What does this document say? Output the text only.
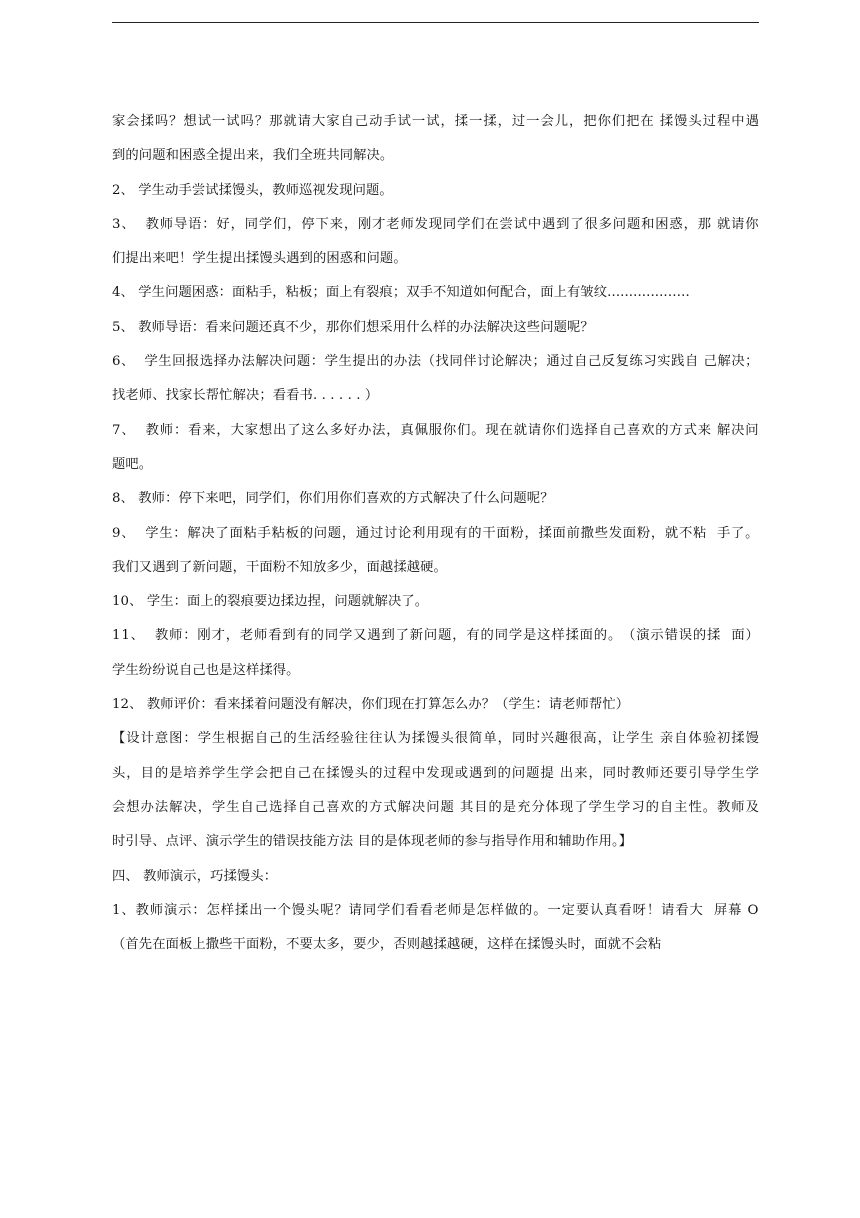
家 会 揉 吗 ？ 想 试 一 试 吗 ？ 那 就 请 大 家 自 己 动 手 试 一 试 ， 揉 一 揉 ， 过 一 会 儿 ， 把 你 们 把 在
揉 馒 头 过 程 中 遇
到的问题和困惑全提出来，我们全班共同解决。
2、 学生动手尝试揉馒头，教师巡视发现问题。
3 、

教 师 导 语 ： 好 ， 同 学 们 ， 停 下 来 ， 刚 才 老 师 发 现 同 学 们 在 尝 试 中 遇 到 了 很 多 问 题 和 困 惑 ， 那
就 请 你
们提出来吧！学生提出揉馒头遇到的困惑和问题。
4、 学生问题困惑：面粘手，粘板；面上有裂痕；双手不知道如何配合，面上有皱纹..............…..
5、 教师导语：看来问题还真不少，那你们想采用什么样的办法解决这些问题呢？
6 、

学 生 回 报 选 择 办 法 解 决 问 题 ： 学 生 提 出 的 办 法 （ 找 同 伴 讨 论 解 决 ； 通 过 自 己 反 复 练 习 实 践 自
己 解 决 ；
找老师、找家长帮忙解决；看看书. . . . . . ）
7 、

教 师 ： 看 来 ， 大 家 想 出 了 这 么 多 好 办 法 ， 真 佩 服 你 们 。 现 在 就 请 你 们 选 择 自 己 喜 欢 的 方 式 来
解 决 问
题吧。
8、 教师：停下来吧，同学们，你们用你们喜欢的方式解决了什么问题呢？
9 、

学 生 ： 解 决 了 面 粘 手 粘 板 的 问 题 ， 通 过 讨 论 利 用 现 有 的 干 面 粉 ， 揉 面 前 撒 些 发 面 粉 ， 就 不 粘

手 了 。
我们又遇到了新问题，干面粉不知放多少，面越揉越硬。
10、 学生：面上的裂痕要边揉边捏，问题就解决了。
1 1 、

教 师 ： 刚 才 ， 老 师 看 到 有 的 同 学 又 遇 到 了 新 问 题 ， 有 的 同 学 是 这 样 揉 面 的 。 （ 演 示 错 误 的 揉

面 ）
学生纷纷说自己也是这样揉得。
12、 教师评价：看来揉着问题没有解决，你们现在打算怎么办？（学生：请老师帮忙）
【 设 计 意 图 ： 学 生 根 据 自 己 的 生 活 经 验 往 往 认 为 揉 馒 头 很 简 单 ， 同 时 兴 趣 很 高 ， 让 学 生
亲 自 体 验 初 揉 馒
头 ， 目 的 是 培 养 学 生 学 会 把 自 己 在 揉 馒 头 的 过 程 中 发 现 或 遇 到 的 问 题 提
出 来 ， 同 时 教 师 还 要 引 导 学 生 学
会 想 办 法 解 决 ， 学 生 自 己 选 择 自 己 喜 欢 的 方 式 解 决 问 题
其 目 的 是 充 分 体 现 了 学 生 学 习 的 自 主 性 。 教 师 及
时引导、点评、演示学生的错误技能方法 目的是体现老师的参与指导作用和辅助作用。】
四、 教师演示，巧揉馒头：
1 、 教 师 演 示 ： 怎 样 揉 出 一 个 馒 头 呢 ？ 请 同 学 们 看 看 老 师 是 怎 样 做 的 。 一 定 要 认 真 看 呀 ！ 请 看 大

屏 幕
O
（首先在面板上撒些干面粉，不要太多，要少，否则越揉越硬，这样在揉馒头时，面就不会粘
